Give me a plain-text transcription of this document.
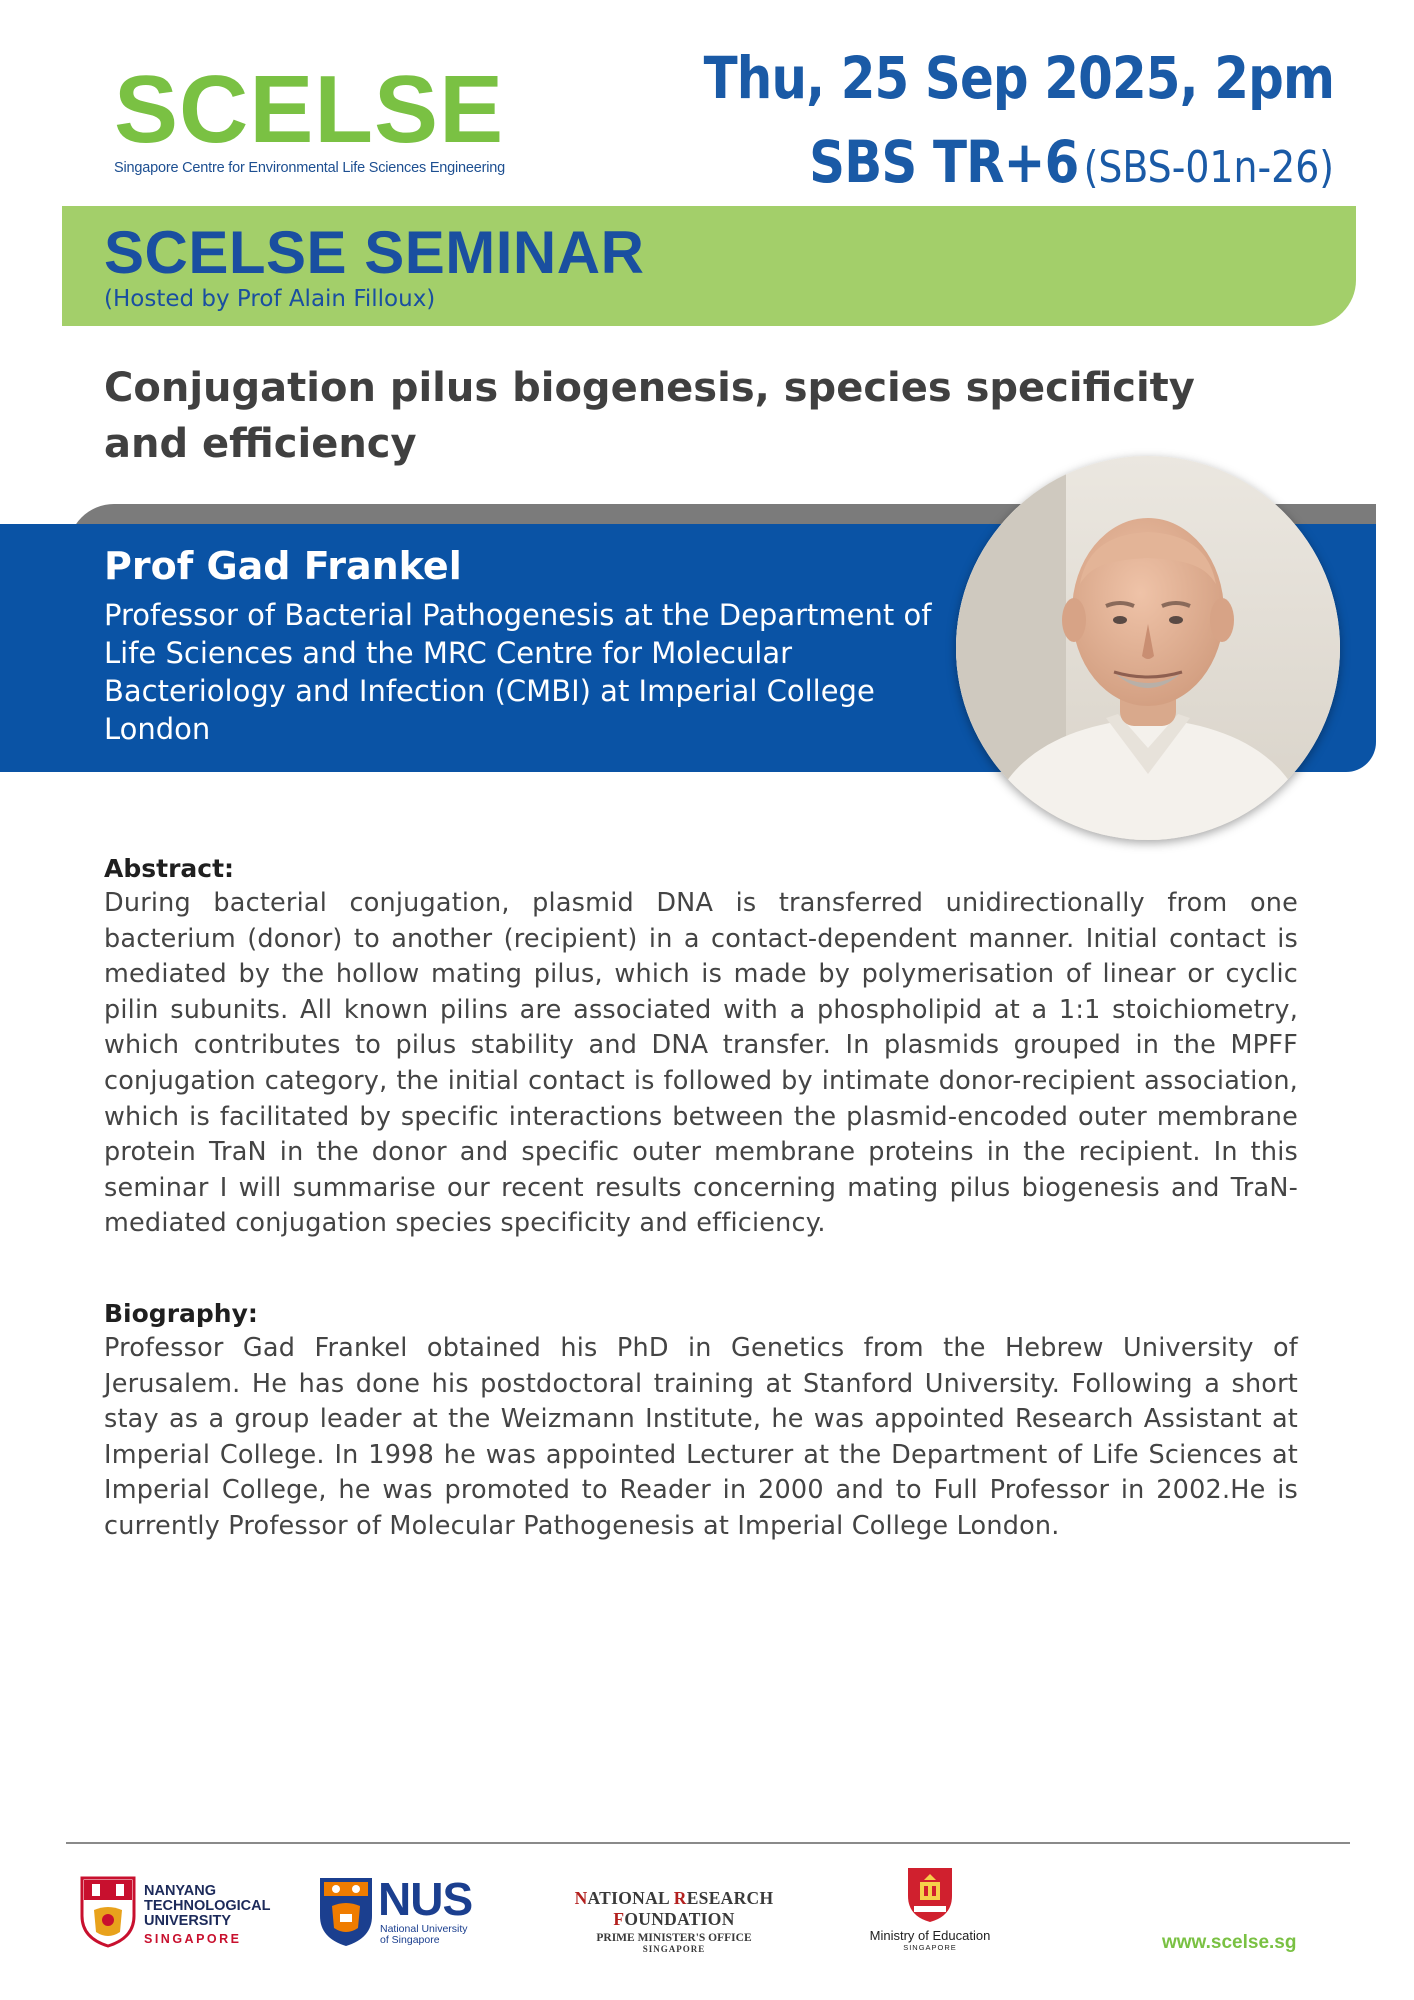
SCELSE
Singapore Centre for Environmental Life Sciences Engineering
Thu, 25 Sep 2025, 2pm
SBS TR+6 (SBS-01n-26)
SCELSE SEMINAR
(Hosted by Prof Alain Filloux)
Conjugation pilus biogenesis, species specificity and efficiency
Prof Gad Frankel
Professor of Bacterial Pathogenesis at the Department of Life Sciences and the MRC Centre for Molecular Bacteriology and Infection (CMBI) at Imperial College London
Abstract:
During bacterial conjugation, plasmid DNA is transferred unidirectionally from one bacterium (donor) to another (recipient) in a contact-dependent manner. Initial contact is mediated by the hollow mating pilus, which is made by polymerisation of linear or cyclic pilin subunits. All known pilins are associated with a phospholipid at a 1:1 stoichiometry, which contributes to pilus stability and DNA transfer. In plasmids grouped in the MPFF conjugation category, the initial contact is followed by intimate donor-recipient association, which is facilitated by specific interactions between the plasmid-encoded outer membrane protein TraN in the donor and specific outer membrane proteins in the recipient. In this seminar I will summarise our recent results concerning mating pilus biogenesis and TraN-mediated conjugation species specificity and efficiency.
Biography:
Professor Gad Frankel obtained his PhD in Genetics from the Hebrew University of Jerusalem. He has done his postdoctoral training at Stanford University. Following a short stay as a group leader at the Weizmann Institute, he was appointed Research Assistant at Imperial College. In 1998 he was appointed Lecturer at the Department of Life Sciences at Imperial College, he was promoted to Reader in 2000 and to Full Professor in 2002.He is currently Professor of Molecular Pathogenesis at Imperial College London.
NANYANG
TECHNOLOGICAL
UNIVERSITY
SINGAPORE
NUS
National University
of Singapore
NATIONAL RESEARCH FOUNDATION
PRIME MINISTER'S OFFICE
SINGAPORE
Ministry of Education
SINGAPORE	www.scelse.sg
